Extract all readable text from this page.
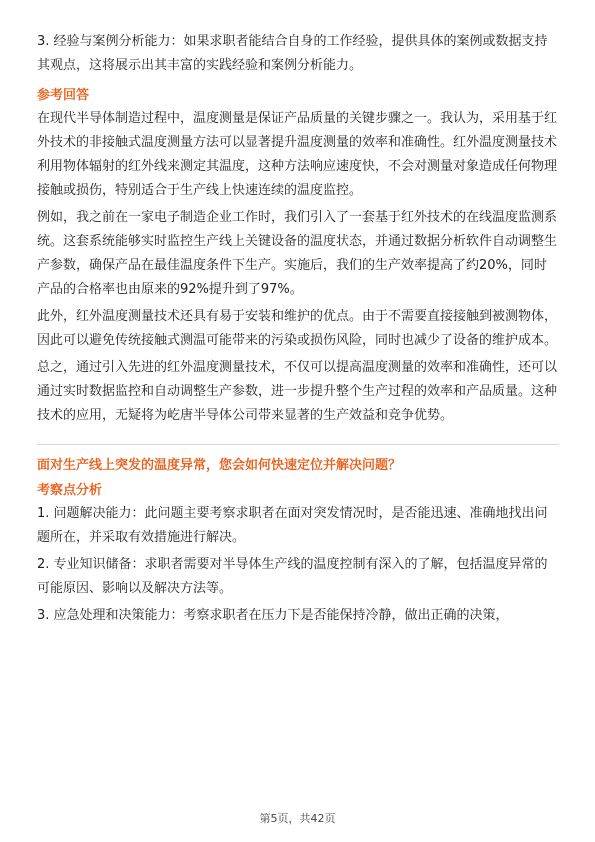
3. 经验与案例分析能力：如果求职者能结合自身的工作经验，提供具体的案例或数据支持其观点，这将展示出其丰富的实践经验和案例分析能力。

参考回答

在现代半导体制造过程中，温度测量是保证产品质量的关键步骤之一。我认为，采用基于红外技术的非接触式温度测量方法可以显著提升温度测量的效率和准确性。红外温度测量技术利用物体辐射的红外线来测定其温度，这种方法响应速度快，不会对测量对象造成任何物理接触或损伤，特别适合于生产线上快速连续的温度监控。

例如，我之前在一家电子制造企业工作时，我们引入了一套基于红外技术的在线温度监测系统。这套系统能够实时监控生产线上关键设备的温度状态，并通过数据分析软件自动调整生产参数，确保产品在最佳温度条件下生产。实施后，我们的生产效率提高了约20%，同时产品的合格率也由原来的92%提升到了97%。

此外，红外温度测量技术还具有易于安装和维护的优点。由于不需要直接接触到被测物体，因此可以避免传统接触式测温可能带来的污染或损伤风险，同时也减少了设备的维护成本。

总之，通过引入先进的红外温度测量技术，不仅可以提高温度测量的效率和准确性，还可以通过实时数据监控和自动调整生产参数，进一步提升整个生产过程的效率和产品质量。这种技术的应用，无疑将为屹唐半导体公司带来显著的生产效益和竞争优势。

面对生产线上突发的温度异常，您会如何快速定位并解决问题？
考察点分析

1. 问题解决能力：此问题主要考察求职者在面对突发情况时，是否能迅速、准确地找出问题所在，并采取有效措施进行解决。

2. 专业知识储备：求职者需要对半导体生产线的温度控制有深入的了解，包括温度异常的可能原因、影响以及解决方法等。

3. 应急处理和决策能力：考察求职者在压力下是否能保持冷静，做出正确的决策，

第5页，共42页
